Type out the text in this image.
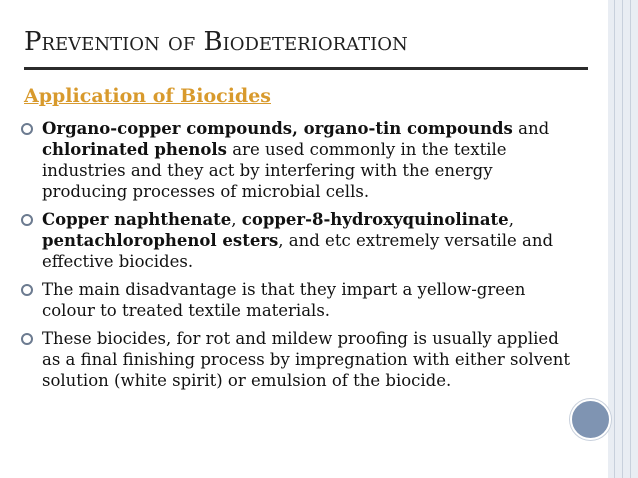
Prevention of Biodeterioration
Application of Biocides
Organo-copper compounds, organo-tin compounds and chlorinated phenols are used commonly in the textile industries and they act by interfering with the energy producing processes of microbial cells.
Copper naphthenate, copper-8-hydroxyquinolinate, pentachlorophenol esters, and etc extremely versatile and effective biocides.
The main disadvantage is that they impart a yellow-green colour to treated textile materials.
These biocides, for rot and mildew proofing is usually applied as a final finishing process by impregnation with either solvent solution (white spirit) or emulsion of the biocide.
